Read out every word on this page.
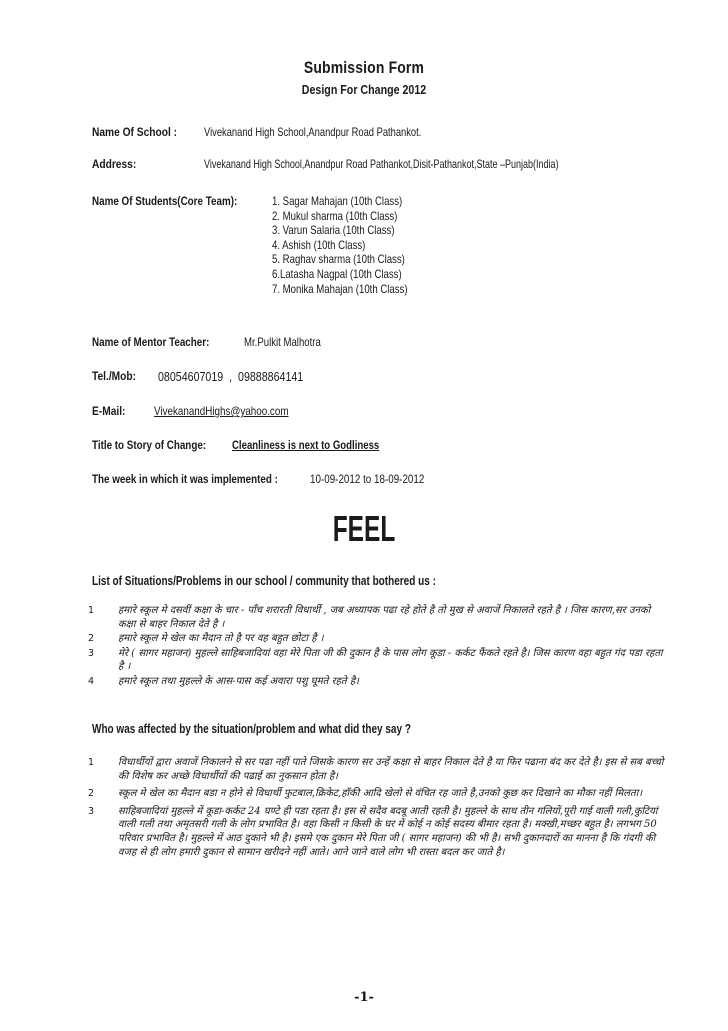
Submission Form
Design For Change 2012
Name Of School :	Vivekanand High School,Anandpur Road Pathankot.
Address:	Vivekanand High School,Anandpur Road Pathankot,Disit-Pathankot,State –Punjab(India)
Name Of Students(Core Team):	1. Sagar Mahajan (10th Class)
2. Mukul sharma (10th Class)
3. Varun Salaria (10th Class)
4. Ashish (10th Class)
5. Raghav sharma (10th Class)
6.Latasha Nagpal (10th Class)
7. Monika Mahajan (10th Class)
Name of Mentor Teacher:	Mr.Pulkit Malhotra
Tel./Mob:	08054607019  ,  09888864141
E-Mail:	VivekanandHighs@yahoo.com
Title to Story of Change:	Cleanliness is next to Godliness
The week in which it was implemented :	10-09-2012 to 18-09-2012
FEEL
List of Situations/Problems in our school / community that bothered us :
1	हमारे स्कूल मे दसवीं कक्षा के चार - पाँच शरारती विधार्थी , जब अध्यापक पढा रहे होते है तो मुख से अवाजें निकालते रहते है । जिस कारण,सर उनको कक्षा से बाहर निकाल देते है ।
2	हमारे स्कूल मे खेल का मैदान तो है पर वह बहुत छोटा है ।
3	मेरे ( सागर महाजन) मुहल्ले साहिबजादियां वहा मेरे पिता जी की दुकान है के पास लोग कूडा - कर्कट फैंकते रहते है। जिस कारण वहा बहुत गंद पडा रहता है ।
4	हमारे स्कूल तथा मुहल्ले के आस-पास कई अवारा पशु घूमते रहते है।
Who was affected by the situation/problem and what did they say ?
1	विधार्थीयों द्वारा अवाजें निकालने से सर पढा नहीं पाते जिसके कारण सर उन्हें कक्षा से बाहर निकाल देते है या फिर पढाना बंद कर देते है। इस से सब बच्चो की विशेष कर अच्छे विधार्थीयों की पढाई का नुकसान होता है।
2	स्कूल मे खेल का मैदान बडा न होने से विधार्थी फुटबाल,क्रिकेट,हॉकी आदि खेलो से वंचित रह जाते है,उनको कुछ कर दिखाने का मौका नहीं मिलता।
3	साहिबजादियां मुहल्ले में कूडा-कर्कट 24 घण्टे ही पडा रहता है। इस से सदैव बदबू आती रहती है। मुहल्ले के साथ तीन गलियों,पूरी गाई वाली गली,कुटियां वाली गली तथा अमृतसरी गली के लोग प्रभावित है। वहा किसी न किसी के घर में कोई न कोई सदस्य बीमार रहता है। मक्खी,मच्छर बहुत है। लगभग 50 परिवार प्रभावित है। मुहल्ले में आठ दुकाने भी है। इसमे एक दुकान मेरे पिता जी ( सागर महाजन) की भी है। सभी दुकानदारों का मानना है कि गंदगी की वजह से ही लोग हमारी दुकान से सामान खरीदने नहीं आते। आने जाने वाले लोग भी रास्ता बदल कर जाते है।
-1-
